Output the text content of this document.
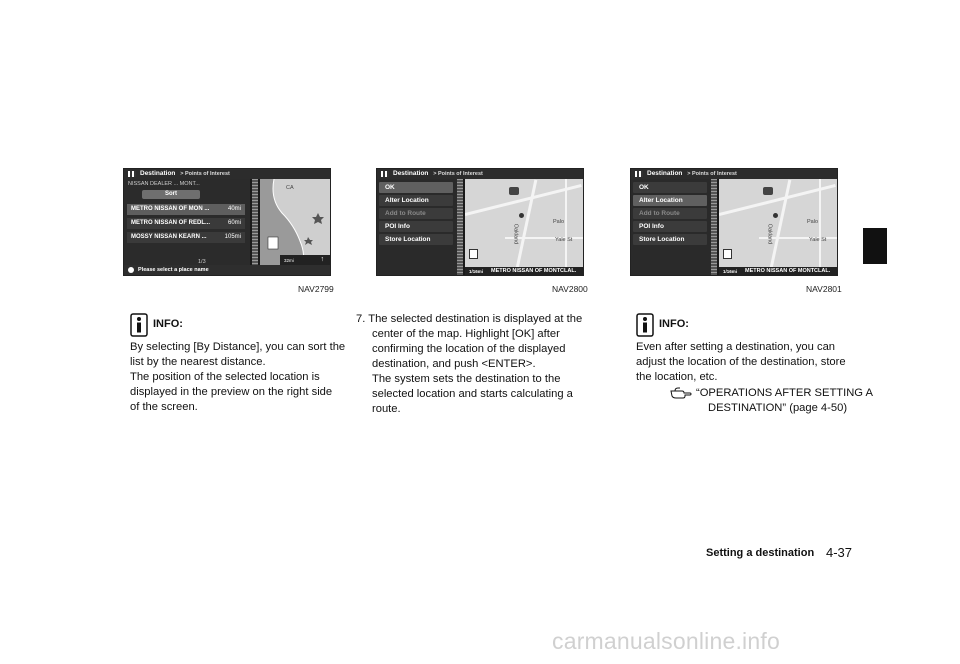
Destination > Points of Interest
NISSAN DEALER ... MONT...
Sort
METRO NISSAN OF MON ...	40mi
METRO NISSAN OF REDL...	60mi
MOSSY NISSAN KEARN ...	105mi
1/3
CA
32mi	↑
Please select a place name
NAV2799
Destination > Points of Interest
OK
Alter Location
Add to Route
POI Info
Store Location
Palo
Yale St
Oakland
1/16mi METRO NISSAN OF MONTCLAL.
NAV2800
Destination > Points of Interest
OK
Alter Location
Add to Route
POI Info
Store Location
Palo
Yale St
Oakland
1/16mi METRO NISSAN OF MONTCLAL.
NAV2801
INFO:
By selecting [By Distance], you can sort the
list by the nearest distance.
The position of the selected location is
displayed in the preview on the right side
of the screen.
7. The selected destination is displayed at the
center of the map. Highlight [OK] after
confirming the location of the displayed
destination, and push <ENTER>.
The system sets the destination to the
selected location and starts calculating a
route.
INFO:
Even after setting a destination, you can
adjust the location of the destination, store
the location, etc.
“OPERATIONS AFTER SETTING A
DESTINATION” (page 4-50)
Setting a destination 4-37
carmanualsonline.info
